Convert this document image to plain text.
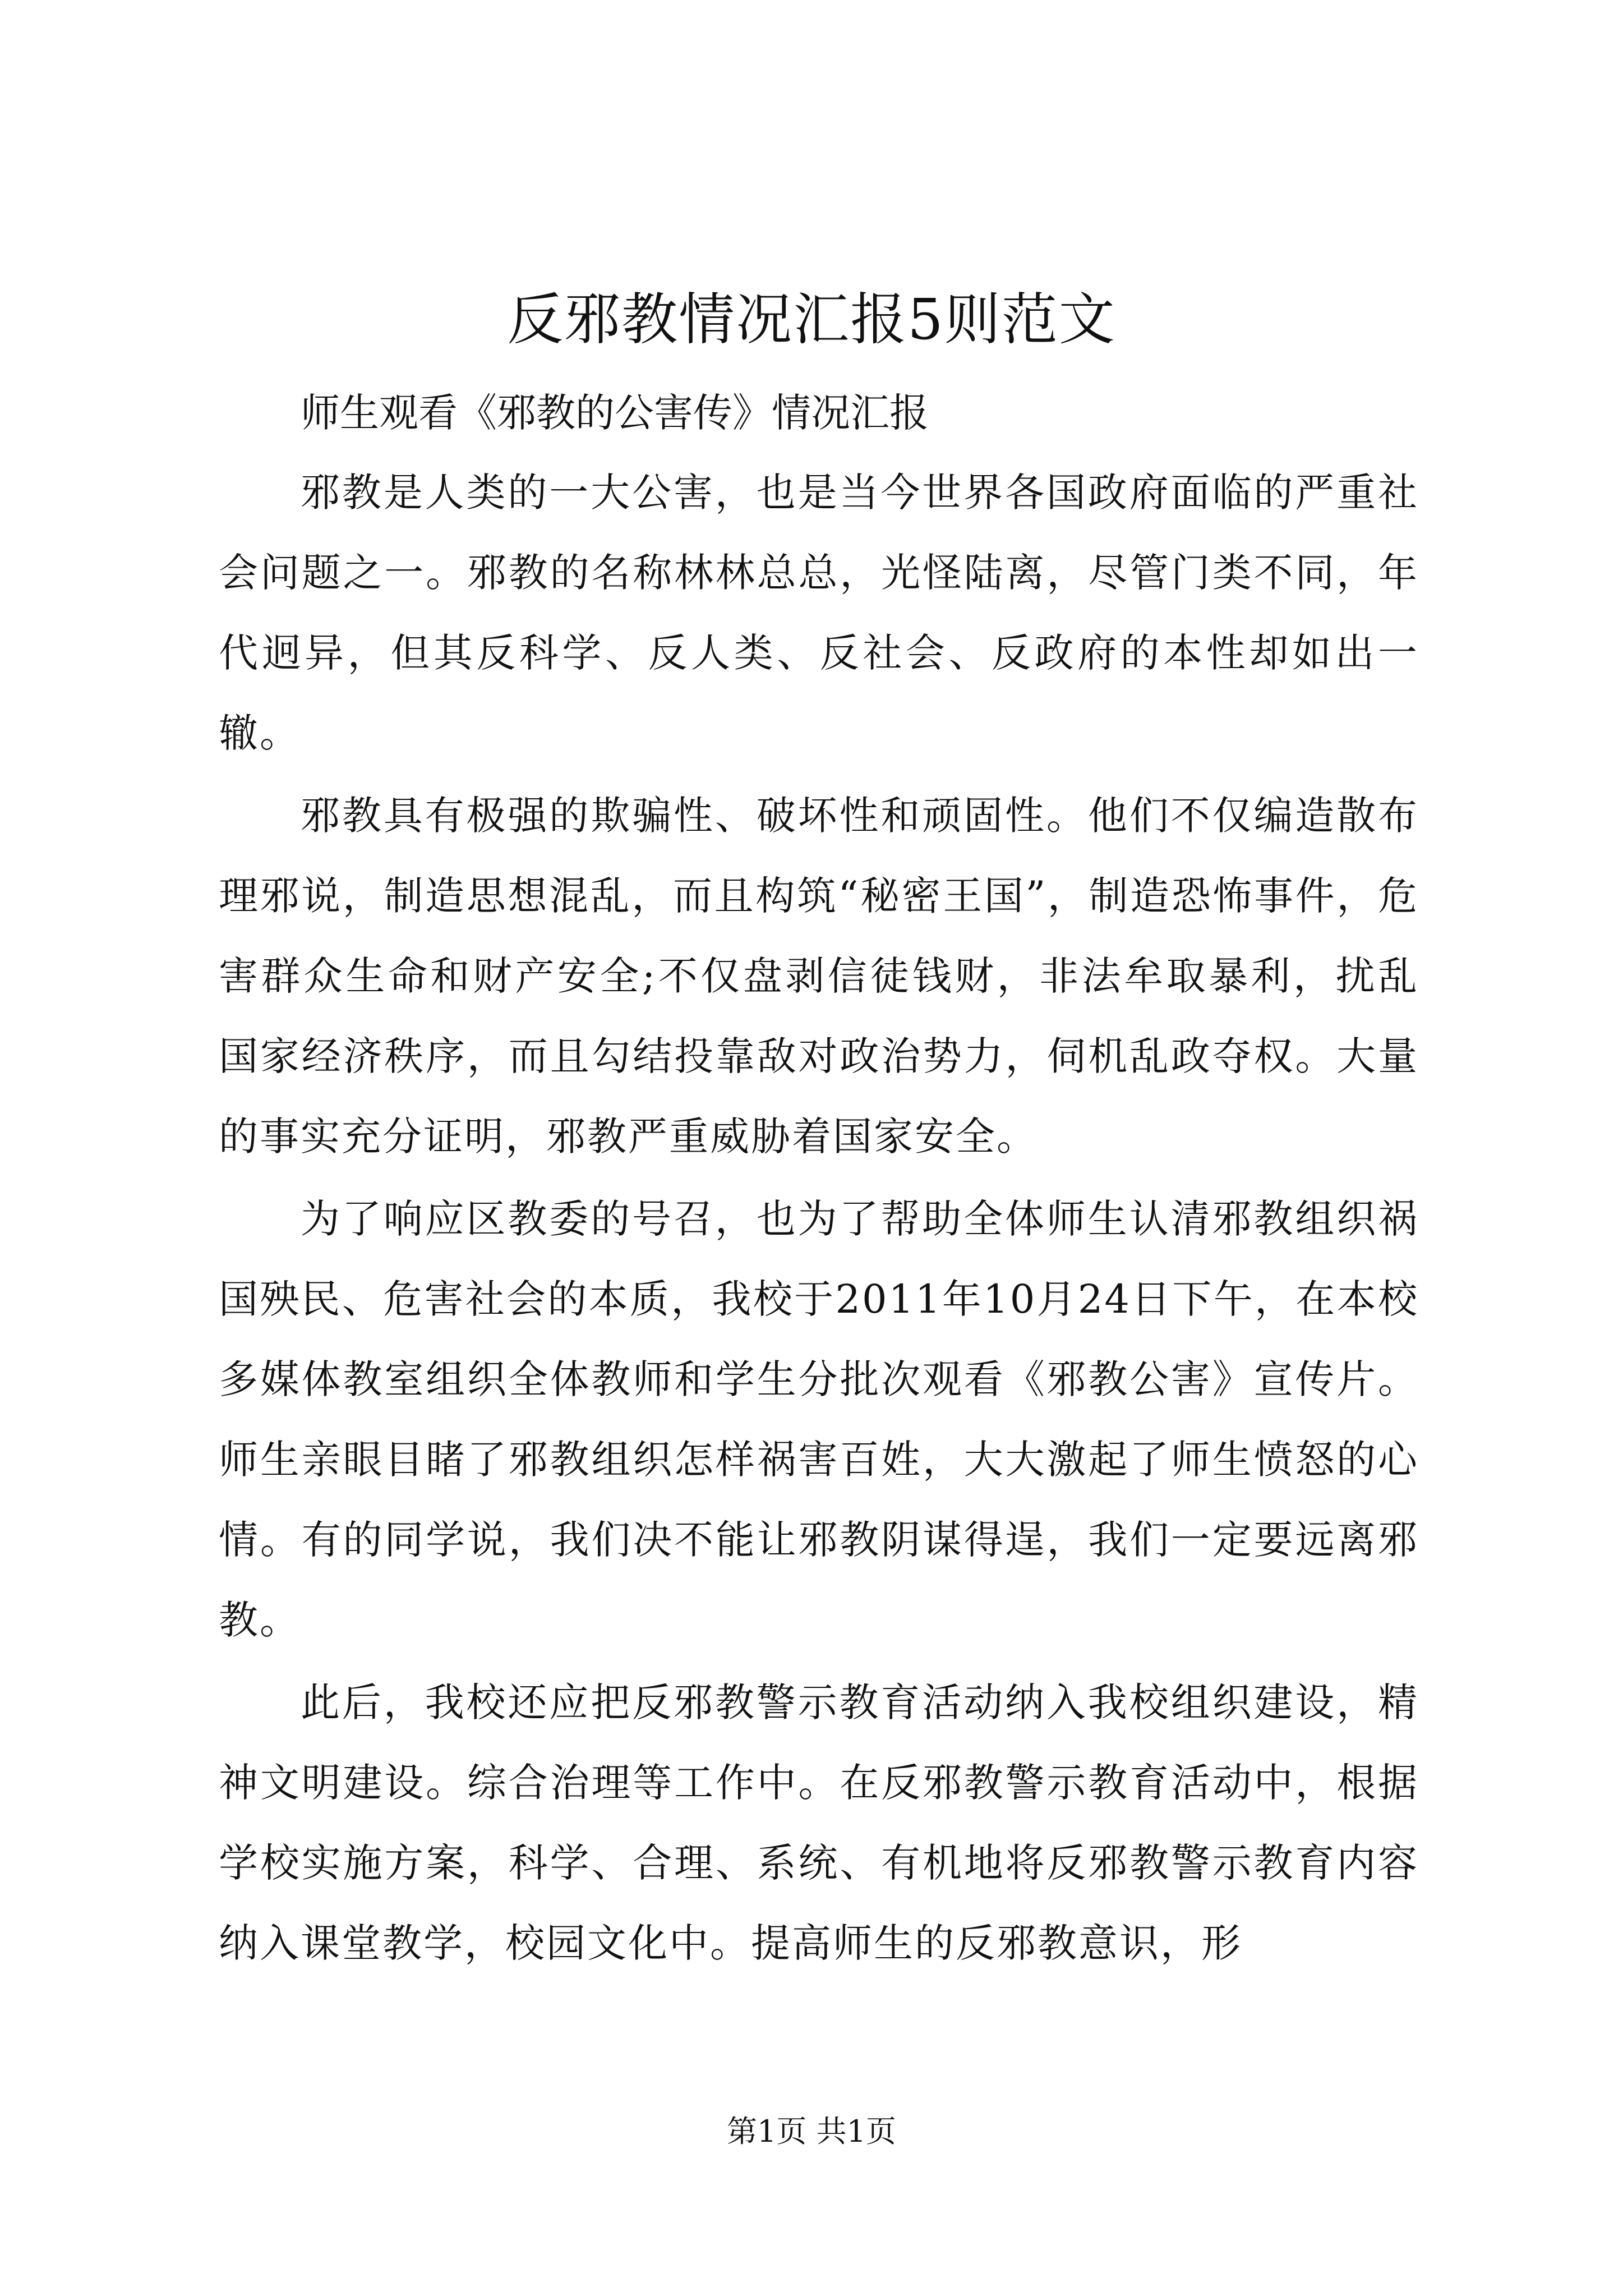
反邪教情况汇报5则范文

师生观看《邪教的公害传》情况汇报

邪教是人类的一大公害，也是当今世界各国政府面临的严重社会问题之一。邪教的名称林林总总，光怪陆离，尽管门类不同，年代迥异，但其反科学、反人类、反社会、反政府的本性却如出一辙。

邪教具有极强的欺骗性、破坏性和顽固性。他们不仅编造散布理邪说，制造思想混乱，而且构筑“秘密王国”，制造恐怖事件，危害群众生命和财产安全;不仅盘剥信徒钱财，非法牟取暴利，扰乱国家经济秩序，而且勾结投靠敌对政治势力，伺机乱政夺权。大量的事实充分证明，邪教严重威胁着国家安全。

为了响应区教委的号召，也为了帮助全体师生认清邪教组织祸国殃民、危害社会的本质，我校于2011年10月24日下午，在本校多媒体教室组织全体教师和学生分批次观看《邪教公害》宣传片。师生亲眼目睹了邪教组织怎样祸害百姓，大大激起了师生愤怒的心情。有的同学说，我们决不能让邪教阴谋得逞，我们一定要远离邪教。

此后，我校还应把反邪教警示教育活动纳入我校组织建设，精神文明建设。综合治理等工作中。在反邪教警示教育活动中，根据学校实施方案，科学、合理、系统、有机地将反邪教警示教育内容纳入课堂教学，校园文化中。提高师生的反邪教意识，形

第1页 共1页
